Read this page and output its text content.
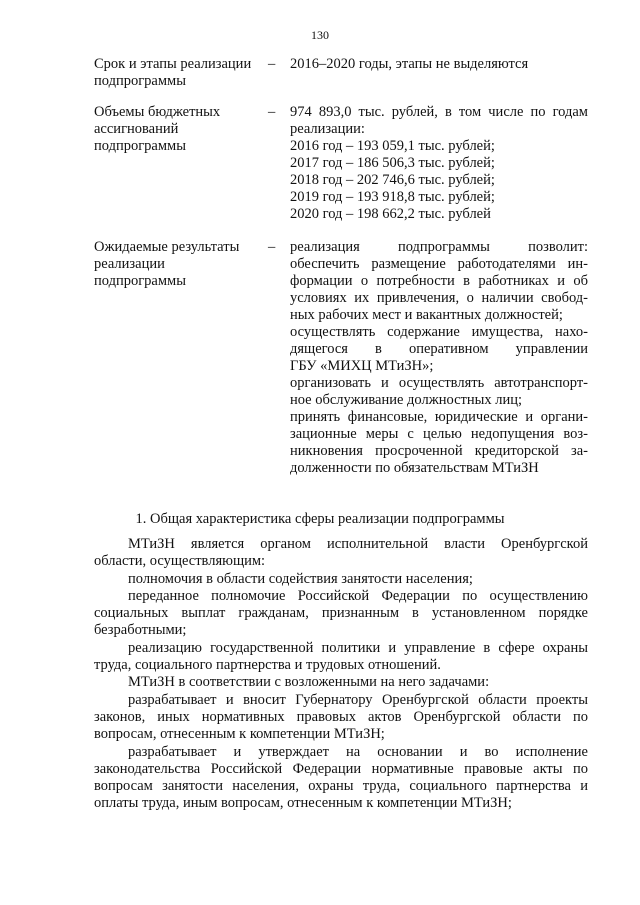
130
Срок и этапы реализации
подпрограммы
– 2016–2020 годы, этапы не выделяются
Объемы бюджетных
ассигнований
подпрограммы
– 974 893,0 тыс. рублей, в том числе по годам
реализации:
2016 год – 193 059,1 тыс. рублей;
2017 год – 186 506,3 тыс. рублей;
2018 год – 202 746,6 тыс. рублей;
2019 год – 193 918,8 тыс. рублей;
2020 год – 198 662,2 тыс. рублей
Ожидаемые результаты
реализации
подпрограммы
– реализация подпрограммы позволит:
обеспечить размещение работодателями ин-
формации о потребности в работниках и об
условиях их привлечения, о наличии свобод-
ных рабочих мест и вакантных должностей;
осуществлять содержание имущества, нахо-
дящегося в оперативном управлении
ГБУ «МИХЦ МТиЗН»;
организовать и осуществлять автотранспорт-
ное обслуживание должностных лиц;
принять финансовые, юридические и органи-
зационные меры с целью недопущения воз-
никновения просроченной кредиторской за-
долженности по обязательствам МТиЗН
1. Общая характеристика сферы реализации подпрограммы
МТиЗН является органом исполнительной власти Оренбургской
области, осуществляющим:
полномочия в области содействия занятости населения;
переданное полномочие Российской Федерации по осуществлению
социальных выплат гражданам, признанным в установленном порядке
безработными;
реализацию государственной политики и управление в сфере охраны
труда, социального партнерства и трудовых отношений.
МТиЗН в соответствии с возложенными на него задачами:
разрабатывает и вносит Губернатору Оренбургской области проекты
законов, иных нормативных правовых актов Оренбургской области по
вопросам, отнесенным к компетенции МТиЗН;
разрабатывает и утверждает на основании и во исполнение
законодательства Российской Федерации нормативные правовые акты по
вопросам занятости населения, охраны труда, социального партнерства и
оплаты труда, иным вопросам, отнесенным к компетенции МТиЗН;
